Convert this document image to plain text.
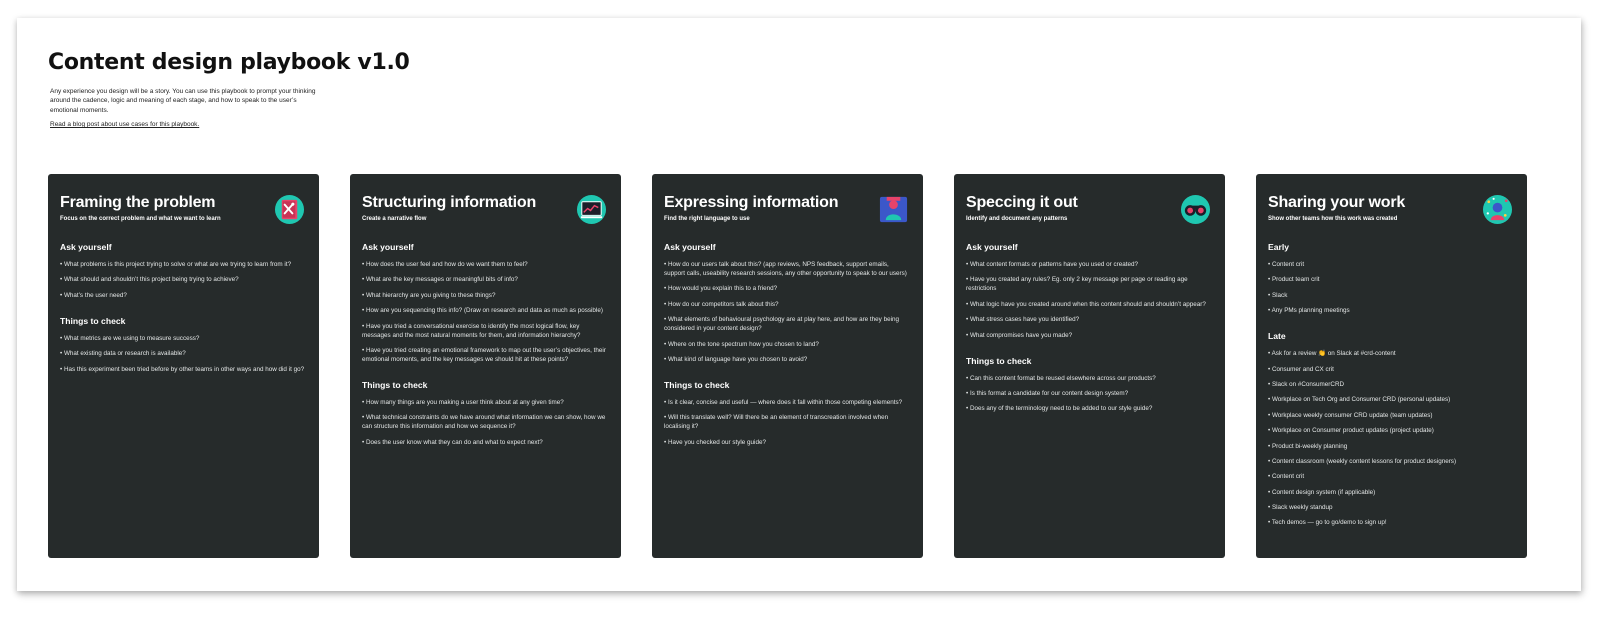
Content design playbook v1.0

Any experience you design will be a story. You can use this playbook to prompt your thinking around the cadence, logic and meaning of each stage, and how to speak to the user’s emotional moments.

Read a blog post about use cases for this playbook.
Framing the problem

Focus on the correct problem and what we want to learn

Ask yourself
• What problems is this project trying to solve or what are we trying to learn from it?
• What should and shouldn’t this project being trying to achieve?
• What’s the user need?
Things to check
• What metrics are we using to measure success?
• What existing data or research is available?
• Has this experiment been tried before by other teams in other ways and how did it go?
Structuring information

Create a narrative flow

Ask yourself
• How does the user feel and how do we want them to feel?
• What are the key messages or meaningful bits of info?
• What hierarchy are you giving to these things?
• How are you sequencing this info? (Draw on research and data as much as possible)
• Have you tried a conversational exercise to identify the most logical flow, key messages and the most natural moments for them, and information hierarchy?
• Have you tried creating an emotional framework to map out the user’s objectives, their emotional moments, and the key messages we should hit at these points?
Things to check
• How many things are you making a user think about at any given time?
• What technical constraints do we have around what information we can show, how we can structure this information and how we sequence it?
• Does the user know what they can do and what to expect next?
Expressing information

Find the right language to use

Ask yourself
• How do our users talk about this? (app reviews, NPS feedback, support emails, support calls, useability research sessions, any other opportunity to speak to our users)
• How would you explain this to a friend?
• How do our competitors talk about this?
• What elements of behavioural psychology are at play here, and how are they being considered in your content design?
• Where on the tone spectrum how you chosen to land?
• What kind of language have you chosen to avoid?
Things to check
• Is it clear, concise and useful — where does it fall within those competing elements?
• Will this translate well? Will there be an element of transcreation involved when localising it?
• Have you checked our style guide?
Speccing it out

Identify and document any patterns

Ask yourself
• What content formats or patterns have you used or created?
• Have you created any rules? Eg. only 2 key message per page or reading age restrictions
• What logic have you created around when this content should and shouldn’t appear?
• What stress cases have you identified?
• What compromises have you made?
Things to check
• Can this content format be reused elsewhere across our products?
• Is this format a candidate for our content design system?
• Does any of the terminology need to be added to our style guide?
Sharing your work

Show other teams how this work was created

Early
• Content crit
• Product team crit
• Slack
• Any PMs planning meetings
Late
• Ask for a review 👏 on Slack at #crd-content
• Consumer and CX crit
• Slack on #ConsumerCRD
• Workplace on Tech Org and Consumer CRD (personal updates)
• Workplace weekly consumer CRD update (team updates)
• Workplace on Consumer product updates (project update)
• Product bi-weekly planning
• Content classroom (weekly content lessons for product designers)
• Content crit
• Content design system (if applicable)
• Slack weekly standup
• Tech demos — go to go/demo to sign up!
